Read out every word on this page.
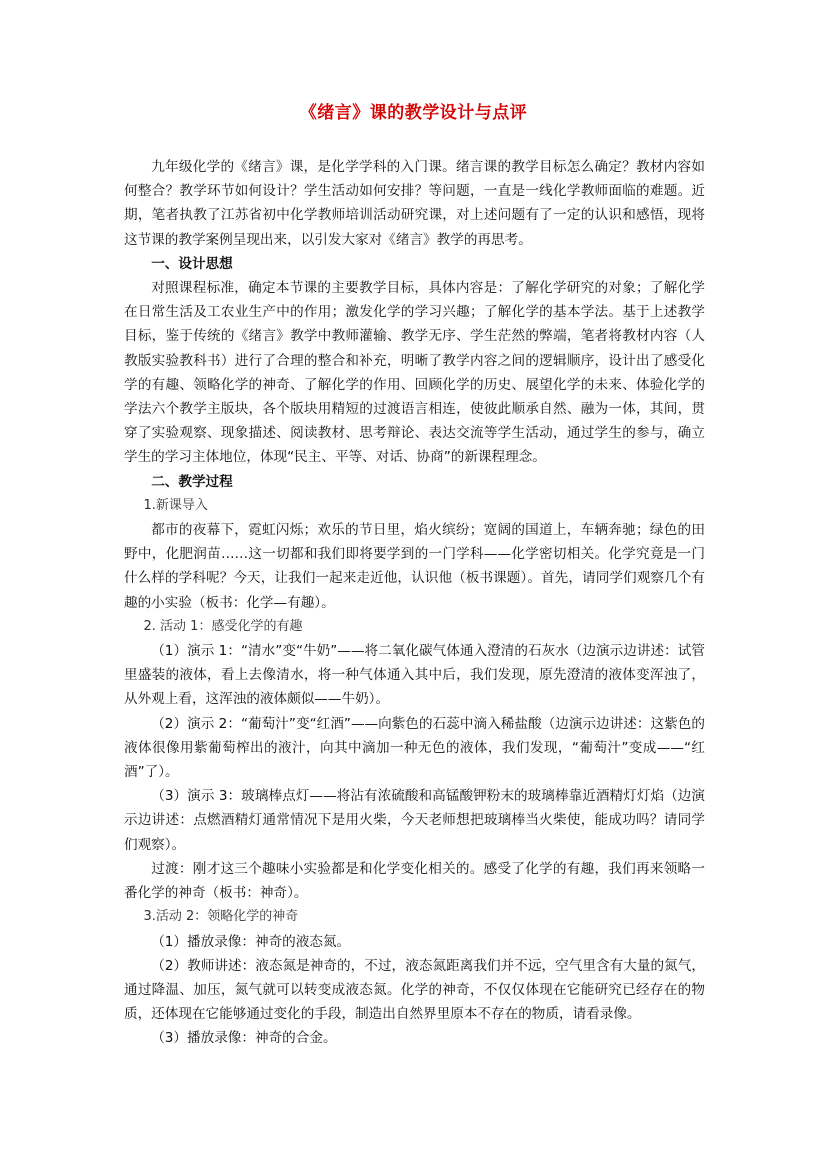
《绪言》课的教学设计与点评

九年级化学的《绪言》课，是化学学科的入门课。绪言课的教学目标怎么确定？教材内容如何整合？教学环节如何设计？学生活动如何安排？等问题，一直是一线化学教师面临的难题。近期，笔者执教了江苏省初中化学教师培训活动研究课，对上述问题有了一定的认识和感悟，现将这节课的教学案例呈现出来，以引发大家对《绪言》教学的再思考。

一、设计思想

对照课程标准，确定本节课的主要教学目标，具体内容是：了解化学研究的对象；了解化学在日常生活及工农业生产中的作用；激发化学的学习兴趣；了解化学的基本学法。基于上述教学目标，鉴于传统的《绪言》教学中教师灌输、教学无序、学生茫然的弊端，笔者将教材内容（人教版实验教科书）进行了合理的整合和补充，明晰了教学内容之间的逻辑顺序，设计出了感受化学的有趣、领略化学的神奇、了解化学的作用、回顾化学的历史、展望化学的未来、体验化学的学法六个教学主版块，各个版块用精短的过渡语言相连，使彼此顺承自然、融为一体，其间，贯穿了实验观察、现象描述、阅读教材、思考辩论、表达交流等学生活动，通过学生的参与，确立学生的学习主体地位，体现“民主、平等、对话、协商”的新课程理念。

二、教学过程

1.新课导入

都市的夜幕下，霓虹闪烁；欢乐的节日里，焰火缤纷；宽阔的国道上，车辆奔驰；绿色的田野中，化肥润苗……这一切都和我们即将要学到的一门学科——化学密切相关。化学究竟是一门什么样的学科呢？今天，让我们一起来走近他，认识他（板书课题）。首先，请同学们观察几个有趣的小实验（板书：化学—有趣）。

2. 活动 1：感受化学的有趣

（1）演示 1：“清水”变“牛奶”——将二氧化碳气体通入澄清的石灰水（边演示边讲述：试管里盛装的液体，看上去像清水，将一种气体通入其中后，我们发现，原先澄清的液体变浑浊了，从外观上看，这浑浊的液体颇似——牛奶）。

（2）演示 2：“葡萄汁”变“红酒”——向紫色的石蕊中滴入稀盐酸（边演示边讲述：这紫色的液体很像用紫葡萄榨出的液汁，向其中滴加一种无色的液体，我们发现，“葡萄汁”变成——“红酒”了）。

（3）演示 3：玻璃棒点灯——将沾有浓硫酸和高锰酸钾粉末的玻璃棒靠近酒精灯灯焰（边演示边讲述：点燃酒精灯通常情况下是用火柴，今天老师想把玻璃棒当火柴使，能成功吗？请同学们观察）。

过渡：刚才这三个趣味小实验都是和化学变化相关的。感受了化学的有趣，我们再来领略一番化学的神奇（板书：神奇）。

3.活动 2：领略化学的神奇

（1）播放录像：神奇的液态氮。

（2）教师讲述：液态氮是神奇的，不过，液态氮距离我们并不远，空气里含有大量的氮气，通过降温、加压，氮气就可以转变成液态氮。化学的神奇，不仅仅体现在它能研究已经存在的物质，还体现在它能够通过变化的手段，制造出自然界里原本不存在的物质，请看录像。

（3）播放录像：神奇的合金。
